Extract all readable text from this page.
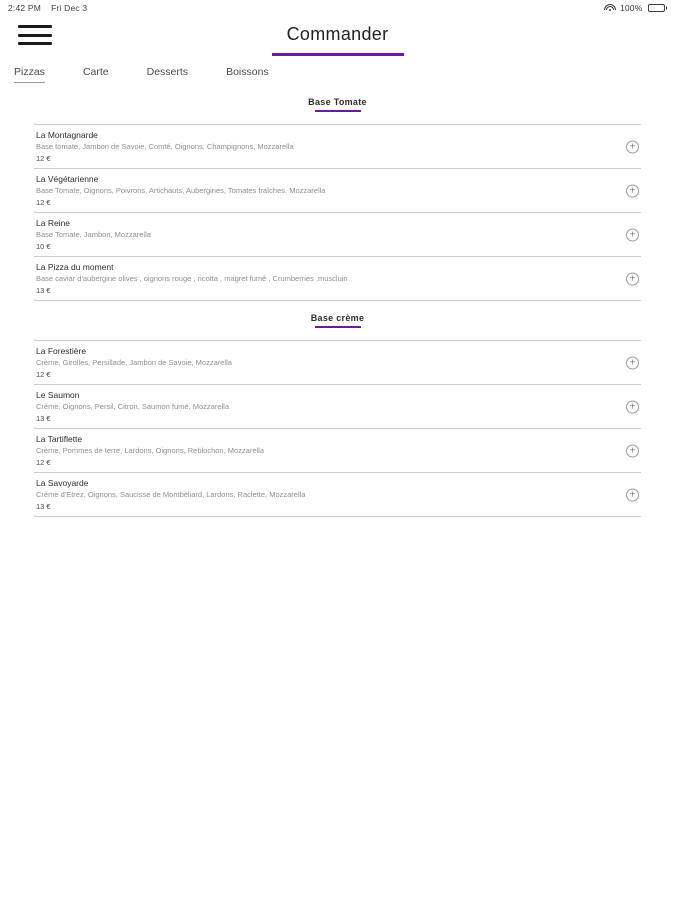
2:42 PM Fri Dec 3	100%
Commander
Pizzas	Carte	Desserts	Boissons
Base Tomate
La Montagnarde
Base tomate, Jambon de Savoie, Comté, Oignons, Champignons, Mozzarella
12 €
+
La Végétarienne
Base Tomate, Oignons, Poivrons, Artichauts, Aubergines, Tomates fraîches, Mozzarella
12 €
+
La Reine
Base Tomate, Jambon, Mozzarella
10 €
+
La Pizza du moment
Base caviar d'aubergine olives , oignons rouge , ricotta , magret fumé , Crumberries ,muscluin
13 €
+
Base crème
La Forestière
Crème, Girolles, Persillade, Jambon de Savoie, Mozzarella
12 €
+
Le Saumon
Crème, Oignons, Persil, Citron, Saumon fumé, Mozzarella
13 €
+
La Tartiflette
Crème, Pommes de terre, Lardons, Oignons, Reblochon, Mozzarella
12 €
+
La Savoyarde
Crème d'Etrez, Oignons, Saucisse de Montbéliard, Lardons, Raclette, Mozzarella
13 €
+
